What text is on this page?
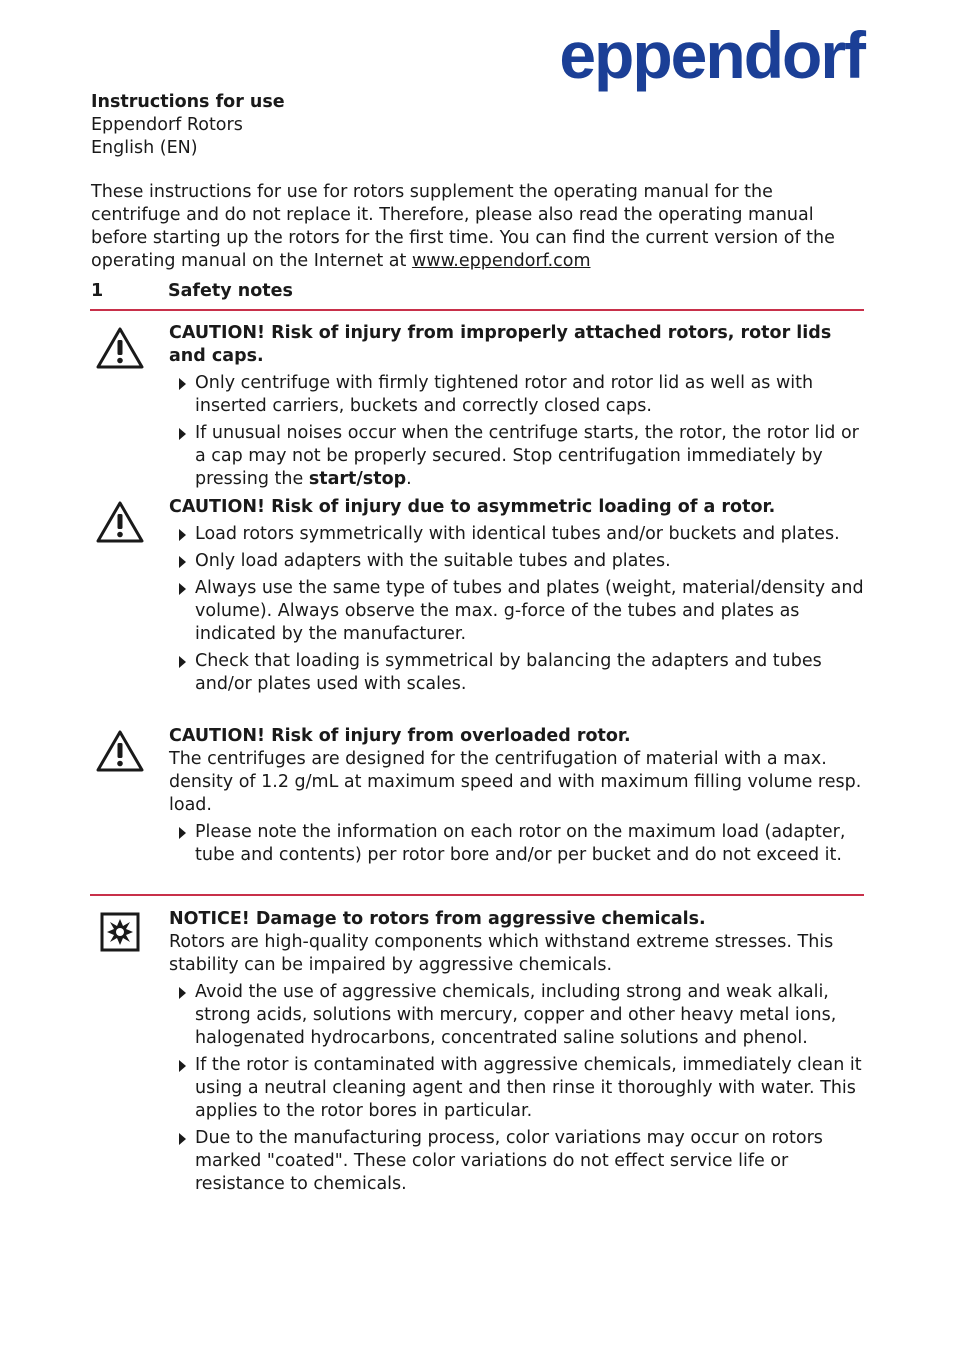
eppendorf
Instructions for use
Eppendorf Rotors
English (EN)
These instructions for use for rotors supplement the operating manual for the centrifuge and do not replace it. Therefore, please also read the operating manual before starting up the rotors for the first time. You can find the current version of the operating manual on the Internet at www.eppendorf.com
1	Safety notes
CAUTION! Risk of injury from improperly attached rotors, rotor lids and caps.
Only centrifuge with firmly tightened rotor and rotor lid as well as with inserted carriers, buckets and correctly closed caps.
If unusual noises occur when the centrifuge starts, the rotor, the rotor lid or a cap may not be properly secured. Stop centrifugation immediately by pressing the start/stop.
CAUTION! Risk of injury due to asymmetric loading of a rotor.
Load rotors symmetrically with identical tubes and/or buckets and plates.
Only load adapters with the suitable tubes and plates.
Always use the same type of tubes and plates (weight, material/density and volume). Always observe the max. g-force of the tubes and plates as indicated by the manufacturer.
Check that loading is symmetrical by balancing the adapters and tubes and/or plates used with scales.
CAUTION! Risk of injury from overloaded rotor.

The centrifuges are designed for the centrifugation of material with a max. density of 1.2 g/mL at maximum speed and with maximum filling volume resp. load.

Please note the information on each rotor on the maximum load (adapter, tube and contents) per rotor bore and/or per bucket and do not exceed it.
NOTICE! Damage to rotors from aggressive chemicals.

Rotors are high-quality components which withstand extreme stresses. This stability can be impaired by aggressive chemicals.

Avoid the use of aggressive chemicals, including strong and weak alkali, strong acids, solutions with mercury, copper and other heavy metal ions, halogenated hydrocarbons, concentrated saline solutions and phenol.
If the rotor is contaminated with aggressive chemicals, immediately clean it using a neutral cleaning agent and then rinse it thoroughly with water. This applies to the rotor bores in particular.
Due to the manufacturing process, color variations may occur on rotors marked "coated". These color variations do not effect service life or resistance to chemicals.
